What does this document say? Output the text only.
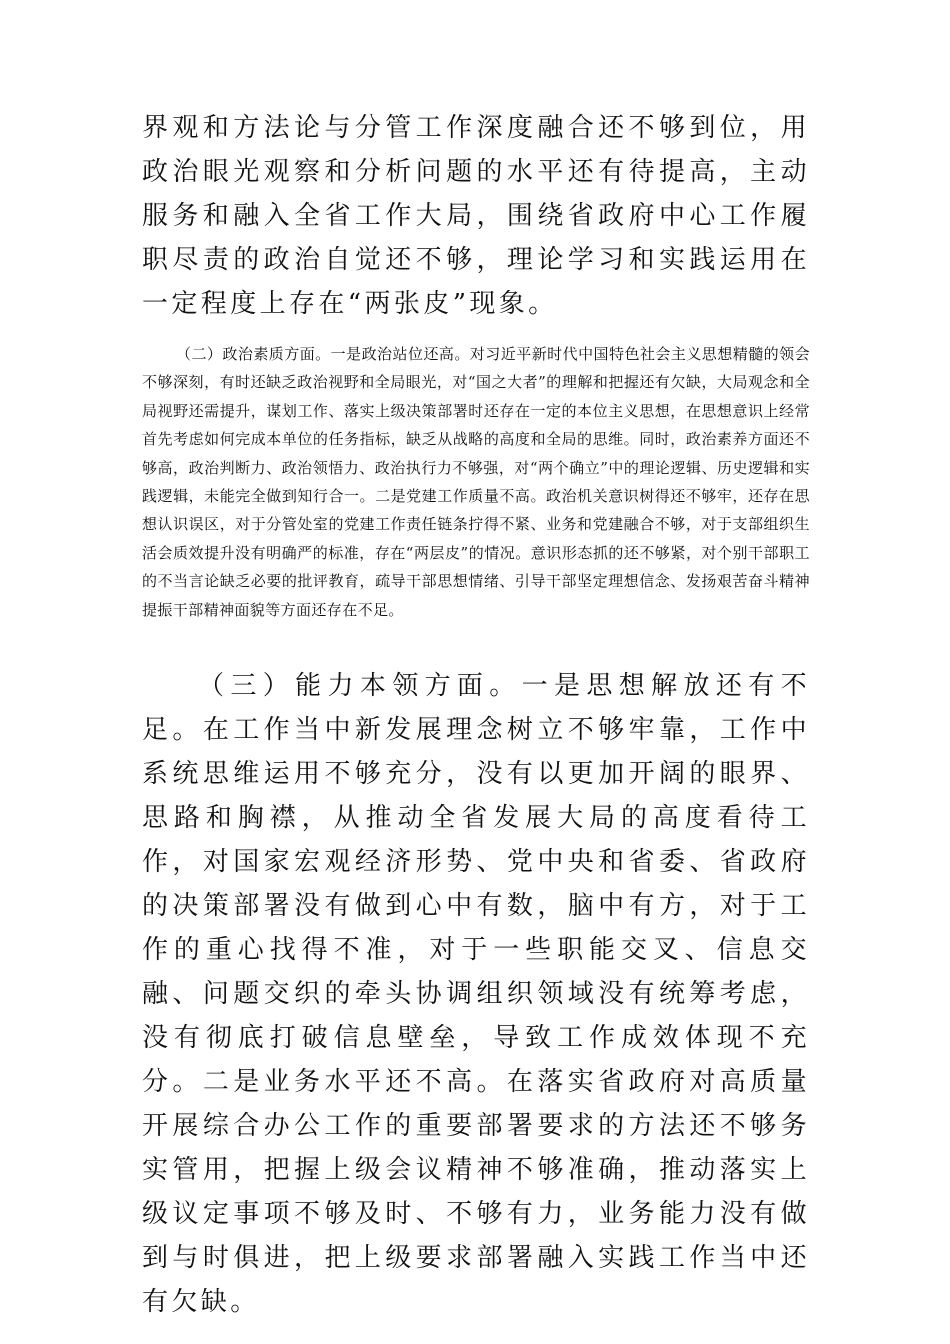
界观和方法论与分管工作深度融合还不够到位，用政治眼光观察和分析问题的水平还有待提高，主动服务和融入全省工作大局，围绕省政府中心工作履职尽责的政治自觉还不够，理论学习和实践运用在一定程度上存在“两张皮”现象。

（二）政治素质方面。一是政治站位还高。对习近平新时代中国特色社会主义思想精髓的领会不够深刻，有时还缺乏政治视野和全局眼光，对“国之大者”的理解和把握还有欠缺，大局观念和全局视野还需提升，谋划工作、落实上级决策部署时还存在一定的本位主义思想，在思想意识上经常首先考虑如何完成本单位的任务指标，缺乏从战略的高度和全局的思维。同时，政治素养方面还不够高，政治判断力、政治领悟力、政治执行力不够强，对“两个确立”中的理论逻辑、历史逻辑和实践逻辑，未能完全做到知行合一。二是党建工作质量不高。政治机关意识树得还不够牢，还存在思想认识误区，对于分管处室的党建工作责任链条拧得不紧、业务和党建融合不够，对于支部组织生活会质效提升没有明确严的标准，存在“两层皮”的情况。意识形态抓的还不够紧，对个别干部职工的不当言论缺乏必要的批评教育，疏导干部思想情绪、引导干部坚定理想信念、发扬艰苦奋斗精神提振干部精神面貌等方面还存在不足。

（三）能力本领方面。一是思想解放还有不足。在工作当中新发展理念树立不够牢靠，工作中系统思维运用不够充分，没有以更加开阔的眼界、思路和胸襟，从推动全省发展大局的高度看待工作，对国家宏观经济形势、党中央和省委、省政府的决策部署没有做到心中有数，脑中有方，对于工作的重心找得不准，对于一些职能交叉、信息交融、问题交织的牵头协调组织领域没有统筹考虑，没有彻底打破信息壁垒，导致工作成效体现不充分。二是业务水平还不高。在落实省政府对高质量开展综合办公工作的重要部署要求的方法还不够务实管用，把握上级会议精神不够准确，推动落实上级议定事项不够及时、不够有力，业务能力没有做到与时俱进，把上级要求部署融入实践工作当中还有欠缺。
